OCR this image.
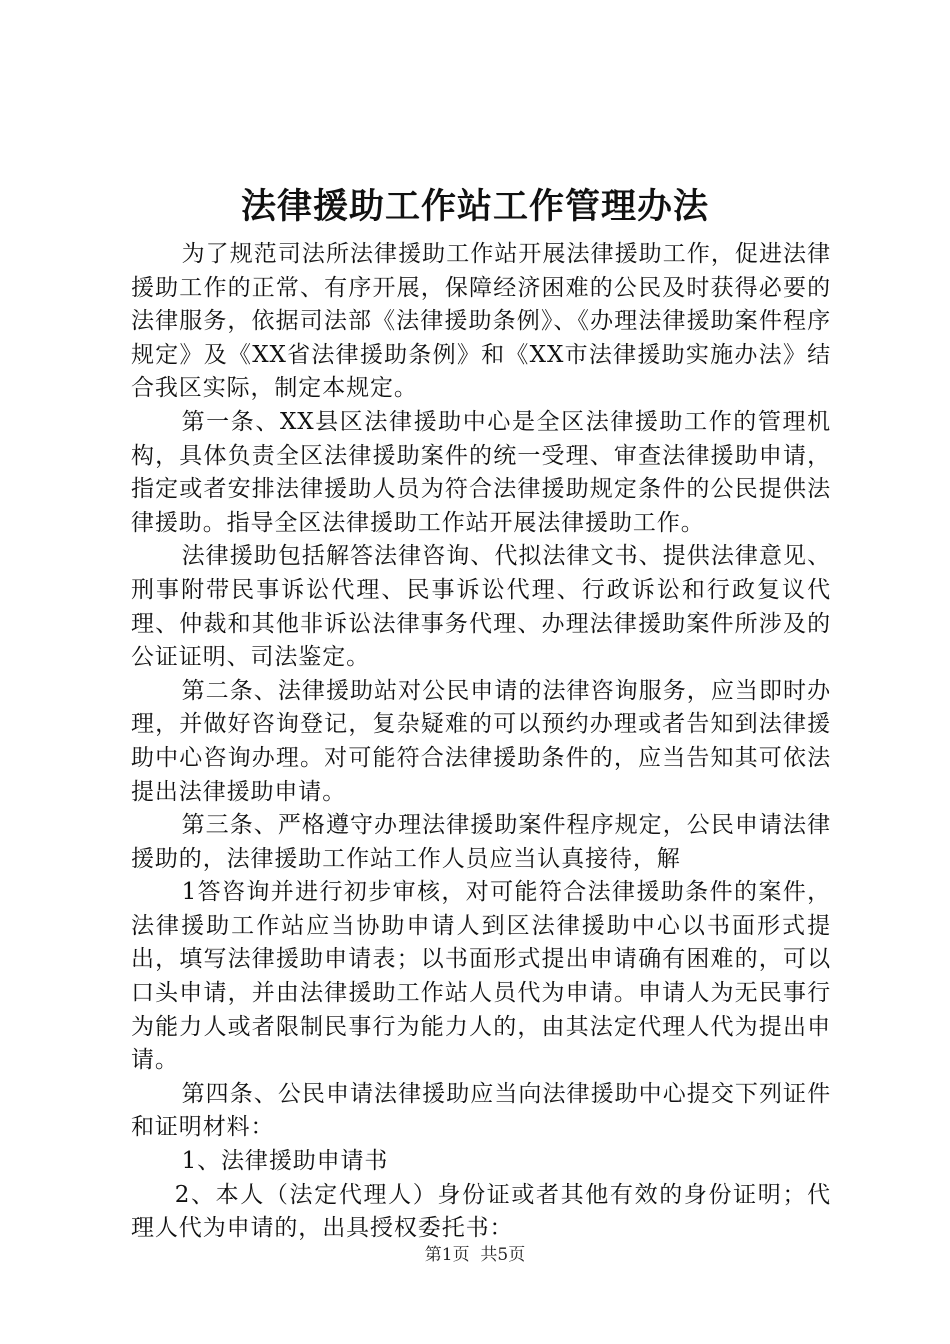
法律援助工作站工作管理办法

为了规范司法所法律援助工作站开展法律援助工作，促进法律援助工作的正常、有序开展，保障经济困难的公民及时获得必要的法律服务，依据司法部《法律援助条例》、《办理法律援助案件程序规定》及《XX省法律援助条例》和《XX市法律援助实施办法》结合我区实际，制定本规定。

第一条、XX县区法律援助中心是全区法律援助工作的管理机构，具体负责全区法律援助案件的统一受理、审查法律援助申请，指定或者安排法律援助人员为符合法律援助规定条件的公民提供法律援助。指导全区法律援助工作站开展法律援助工作。

法律援助包括解答法律咨询、代拟法律文书、提供法律意见、刑事附带民事诉讼代理、民事诉讼代理、行政诉讼和行政复议代理、仲裁和其他非诉讼法律事务代理、办理法律援助案件所涉及的公证证明、司法鉴定。

第二条、法律援助站对公民申请的法律咨询服务，应当即时办理，并做好咨询登记，复杂疑难的可以预约办理或者告知到法律援助中心咨询办理。对可能符合法律援助条件的，应当告知其可依法提出法律援助申请。

第三条、严格遵守办理法律援助案件程序规定，公民申请法律援助的，法律援助工作站工作人员应当认真接待，解

1答咨询并进行初步审核，对可能符合法律援助条件的案件，法律援助工作站应当协助申请人到区法律援助中心以书面形式提出，填写法律援助申请表；以书面形式提出申请确有困难的，可以口头申请，并由法律援助工作站人员代为申请。申请人为无民事行为能力人或者限制民事行为能力人的，由其法定代理人代为提出申请。

第四条、公民申请法律援助应当向法律援助中心提交下列证件和证明材料：

1、法律援助申请书

2、本人（法定代理人）身份证或者其他有效的身份证明；代理人代为申请的，出具授权委托书：

第1页 共5页
